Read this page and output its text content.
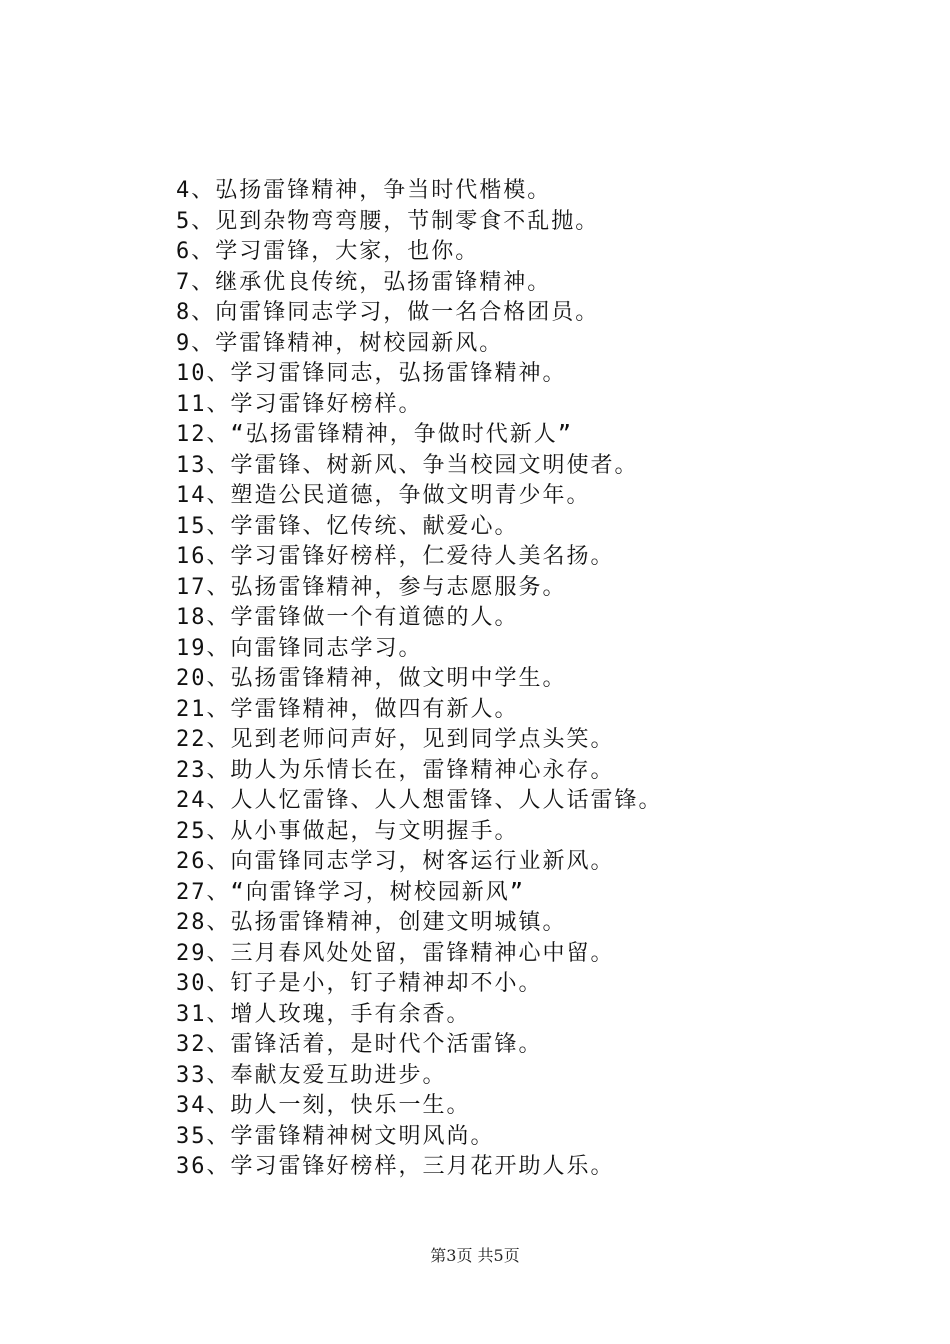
4、弘扬雷锋精神，争当时代楷模。
5、见到杂物弯弯腰，节制零食不乱抛。
6、学习雷锋，大家，也你。
7、继承优良传统，弘扬雷锋精神。
8、向雷锋同志学习，做一名合格团员。
9、学雷锋精神，树校园新风。
10、学习雷锋同志，弘扬雷锋精神。
11、学习雷锋好榜样。
12、“弘扬雷锋精神，争做时代新人”
13、学雷锋、树新风、争当校园文明使者。
14、塑造公民道德，争做文明青少年。
15、学雷锋、忆传统、献爱心。
16、学习雷锋好榜样，仁爱待人美名扬。
17、弘扬雷锋精神，参与志愿服务。
18、学雷锋做一个有道德的人。
19、向雷锋同志学习。
20、弘扬雷锋精神，做文明中学生。
21、学雷锋精神，做四有新人。
22、见到老师问声好，见到同学点头笑。
23、助人为乐情长在，雷锋精神心永存。
24、人人忆雷锋、人人想雷锋、人人话雷锋。
25、从小事做起，与文明握手。
26、向雷锋同志学习，树客运行业新风。
27、“向雷锋学习，树校园新风”
28、弘扬雷锋精神，创建文明城镇。
29、三月春风处处留，雷锋精神心中留。
30、钉子是小，钉子精神却不小。
31、增人玫瑰，手有余香。
32、雷锋活着，是时代个活雷锋。
33、奉献友爱互助进步。
34、助人一刻，快乐一生。
35、学雷锋精神树文明风尚。
36、学习雷锋好榜样，三月花开助人乐。
第3页 共5页
